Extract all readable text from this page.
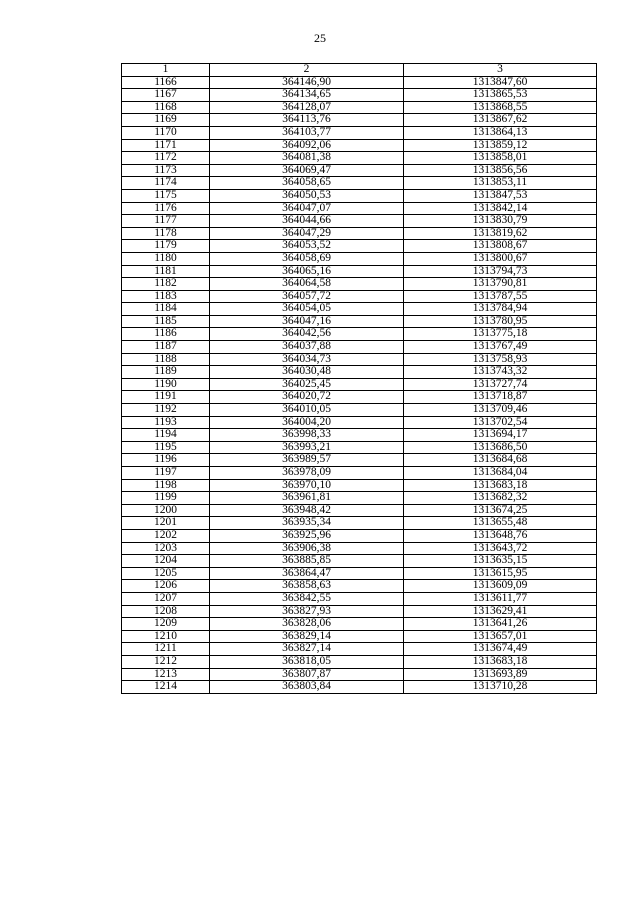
25
1	2	3
1166	364146,90	1313847,60
1167	364134,65	1313865,53
1168	364128,07	1313868,55
1169	364113,76	1313867,62
1170	364103,77	1313864,13
1171	364092,06	1313859,12
1172	364081,38	1313858,01
1173	364069,47	1313856,56
1174	364058,65	1313853,11
1175	364050,53	1313847,53
1176	364047,07	1313842,14
1177	364044,66	1313830,79
1178	364047,29	1313819,62
1179	364053,52	1313808,67
1180	364058,69	1313800,67
1181	364065,16	1313794,73
1182	364064,58	1313790,81
1183	364057,72	1313787,55
1184	364054,05	1313784,94
1185	364047,16	1313780,95
1186	364042,56	1313775,18
1187	364037,88	1313767,49
1188	364034,73	1313758,93
1189	364030,48	1313743,32
1190	364025,45	1313727,74
1191	364020,72	1313718,87
1192	364010,05	1313709,46
1193	364004,20	1313702,54
1194	363998,33	1313694,17
1195	363993,21	1313686,50
1196	363989,57	1313684,68
1197	363978,09	1313684,04
1198	363970,10	1313683,18
1199	363961,81	1313682,32
1200	363948,42	1313674,25
1201	363935,34	1313655,48
1202	363925,96	1313648,76
1203	363906,38	1313643,72
1204	363885,85	1313635,15
1205	363864,47	1313615,95
1206	363858,63	1313609,09
1207	363842,55	1313611,77
1208	363827,93	1313629,41
1209	363828,06	1313641,26
1210	363829,14	1313657,01
1211	363827,14	1313674,49
1212	363818,05	1313683,18
1213	363807,87	1313693,89
1214	363803,84	1313710,28
